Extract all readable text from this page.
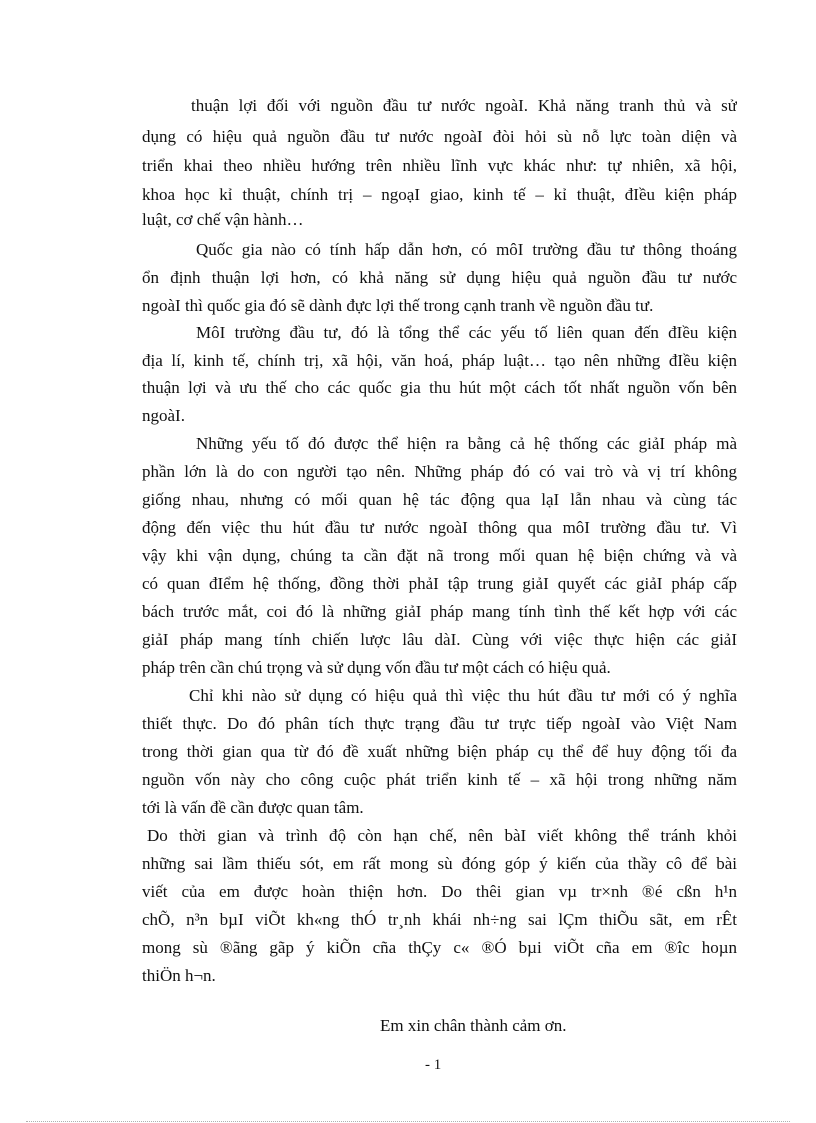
thuận lợi đối với nguồn đầu tư nước ngoàI. Khả năng tranh thủ và sử
dụng có hiệu quả nguồn đầu tư nước ngoàI đòi hỏi sù nỗ lực toàn diện và
triển khai theo nhiều hướng trên nhiều lĩnh vực khác như: tự nhiên, xã hội,
khoa học kỉ thuật, chính trị – ngoạI giao, kinh tế – kỉ thuật, đIều kiện pháp
luật, cơ chế vận hành…
Quốc gia nào có tính hấp dẫn hơn, có môI trường đầu tư thông thoáng
ổn định thuận lợi hơn, có khả năng sử dụng hiệu quả nguồn đầu tư nước
ngoàI thì quốc gia đó sẽ dành đực lợi thế trong cạnh tranh về nguồn đầu tư.
MôI trường đầu tư, đó là tổng thể các yếu tố liên quan đến đIều kiện
địa lí, kinh tế, chính trị, xã hội, văn hoá, pháp luật… tạo nên những đIều kiện
thuận lợi và ưu thế cho các quốc gia thu hút một cách tốt nhất nguồn vốn bên
ngoàI.
Những yếu tố đó được thể hiện ra bằng cả hệ thống các giảI pháp mà
phần lớn là do con người tạo nên. Những pháp đó có vai trò và vị trí không
giống nhau, nhưng có mối quan hệ tác động qua lạI lẫn nhau và cùng tác
động đến việc thu hút đầu tư nước ngoàI thông qua môI trường đầu tư. Vì
vậy khi vận dụng, chúng ta cần đặt nã trong mối quan hệ biện chứng và và
có quan đIểm hệ thống, đồng thời phảI tập trung giảI quyết các giảI pháp cấp
bách trước mắt, coi đó là những giảI pháp mang tính tình thế kết hợp với các
giảI pháp mang tính chiến lược lâu dàI. Cùng với việc thực hiện các giảI
pháp trên cần chú trọng và sử dụng vốn đầu tư một cách có hiệu quả.
Chỉ khi nào sử dụng có hiệu quả thì việc thu hút đầu tư mới có ý nghĩa
thiết thực. Do đó phân tích thực trạng đầu tư trực tiếp ngoàI vào Việt Nam
trong thời gian qua từ đó đề xuất những biện pháp cụ thể để huy động tối đa
nguồn vốn này cho công cuộc phát triển kinh tế – xã hội trong những năm
tới là vấn đề cần được quan tâm.
Do thời gian và trình độ còn hạn chế, nên bàI viết không thể tránh khỏi
những sai lầm thiếu sót, em rất mong sù đóng góp ý kiến của thầy cô để bài
viết của em được hoàn thiện hơn. Do thêi gian vµ tr×nh ®é cßn h¹n
chÕ, n³n bµI viÕt kh«ng thÓ tr¸nh khái nh÷ng sai lÇm thiÕu sãt, em rÊt
mong sù ®ãng gãp ý kiÕn cña thÇy c« ®Ó bµi viÕt cña em ®îc hoµn
thiÖn h¬n.
Em xin chân thành cảm ơn.
- 1
